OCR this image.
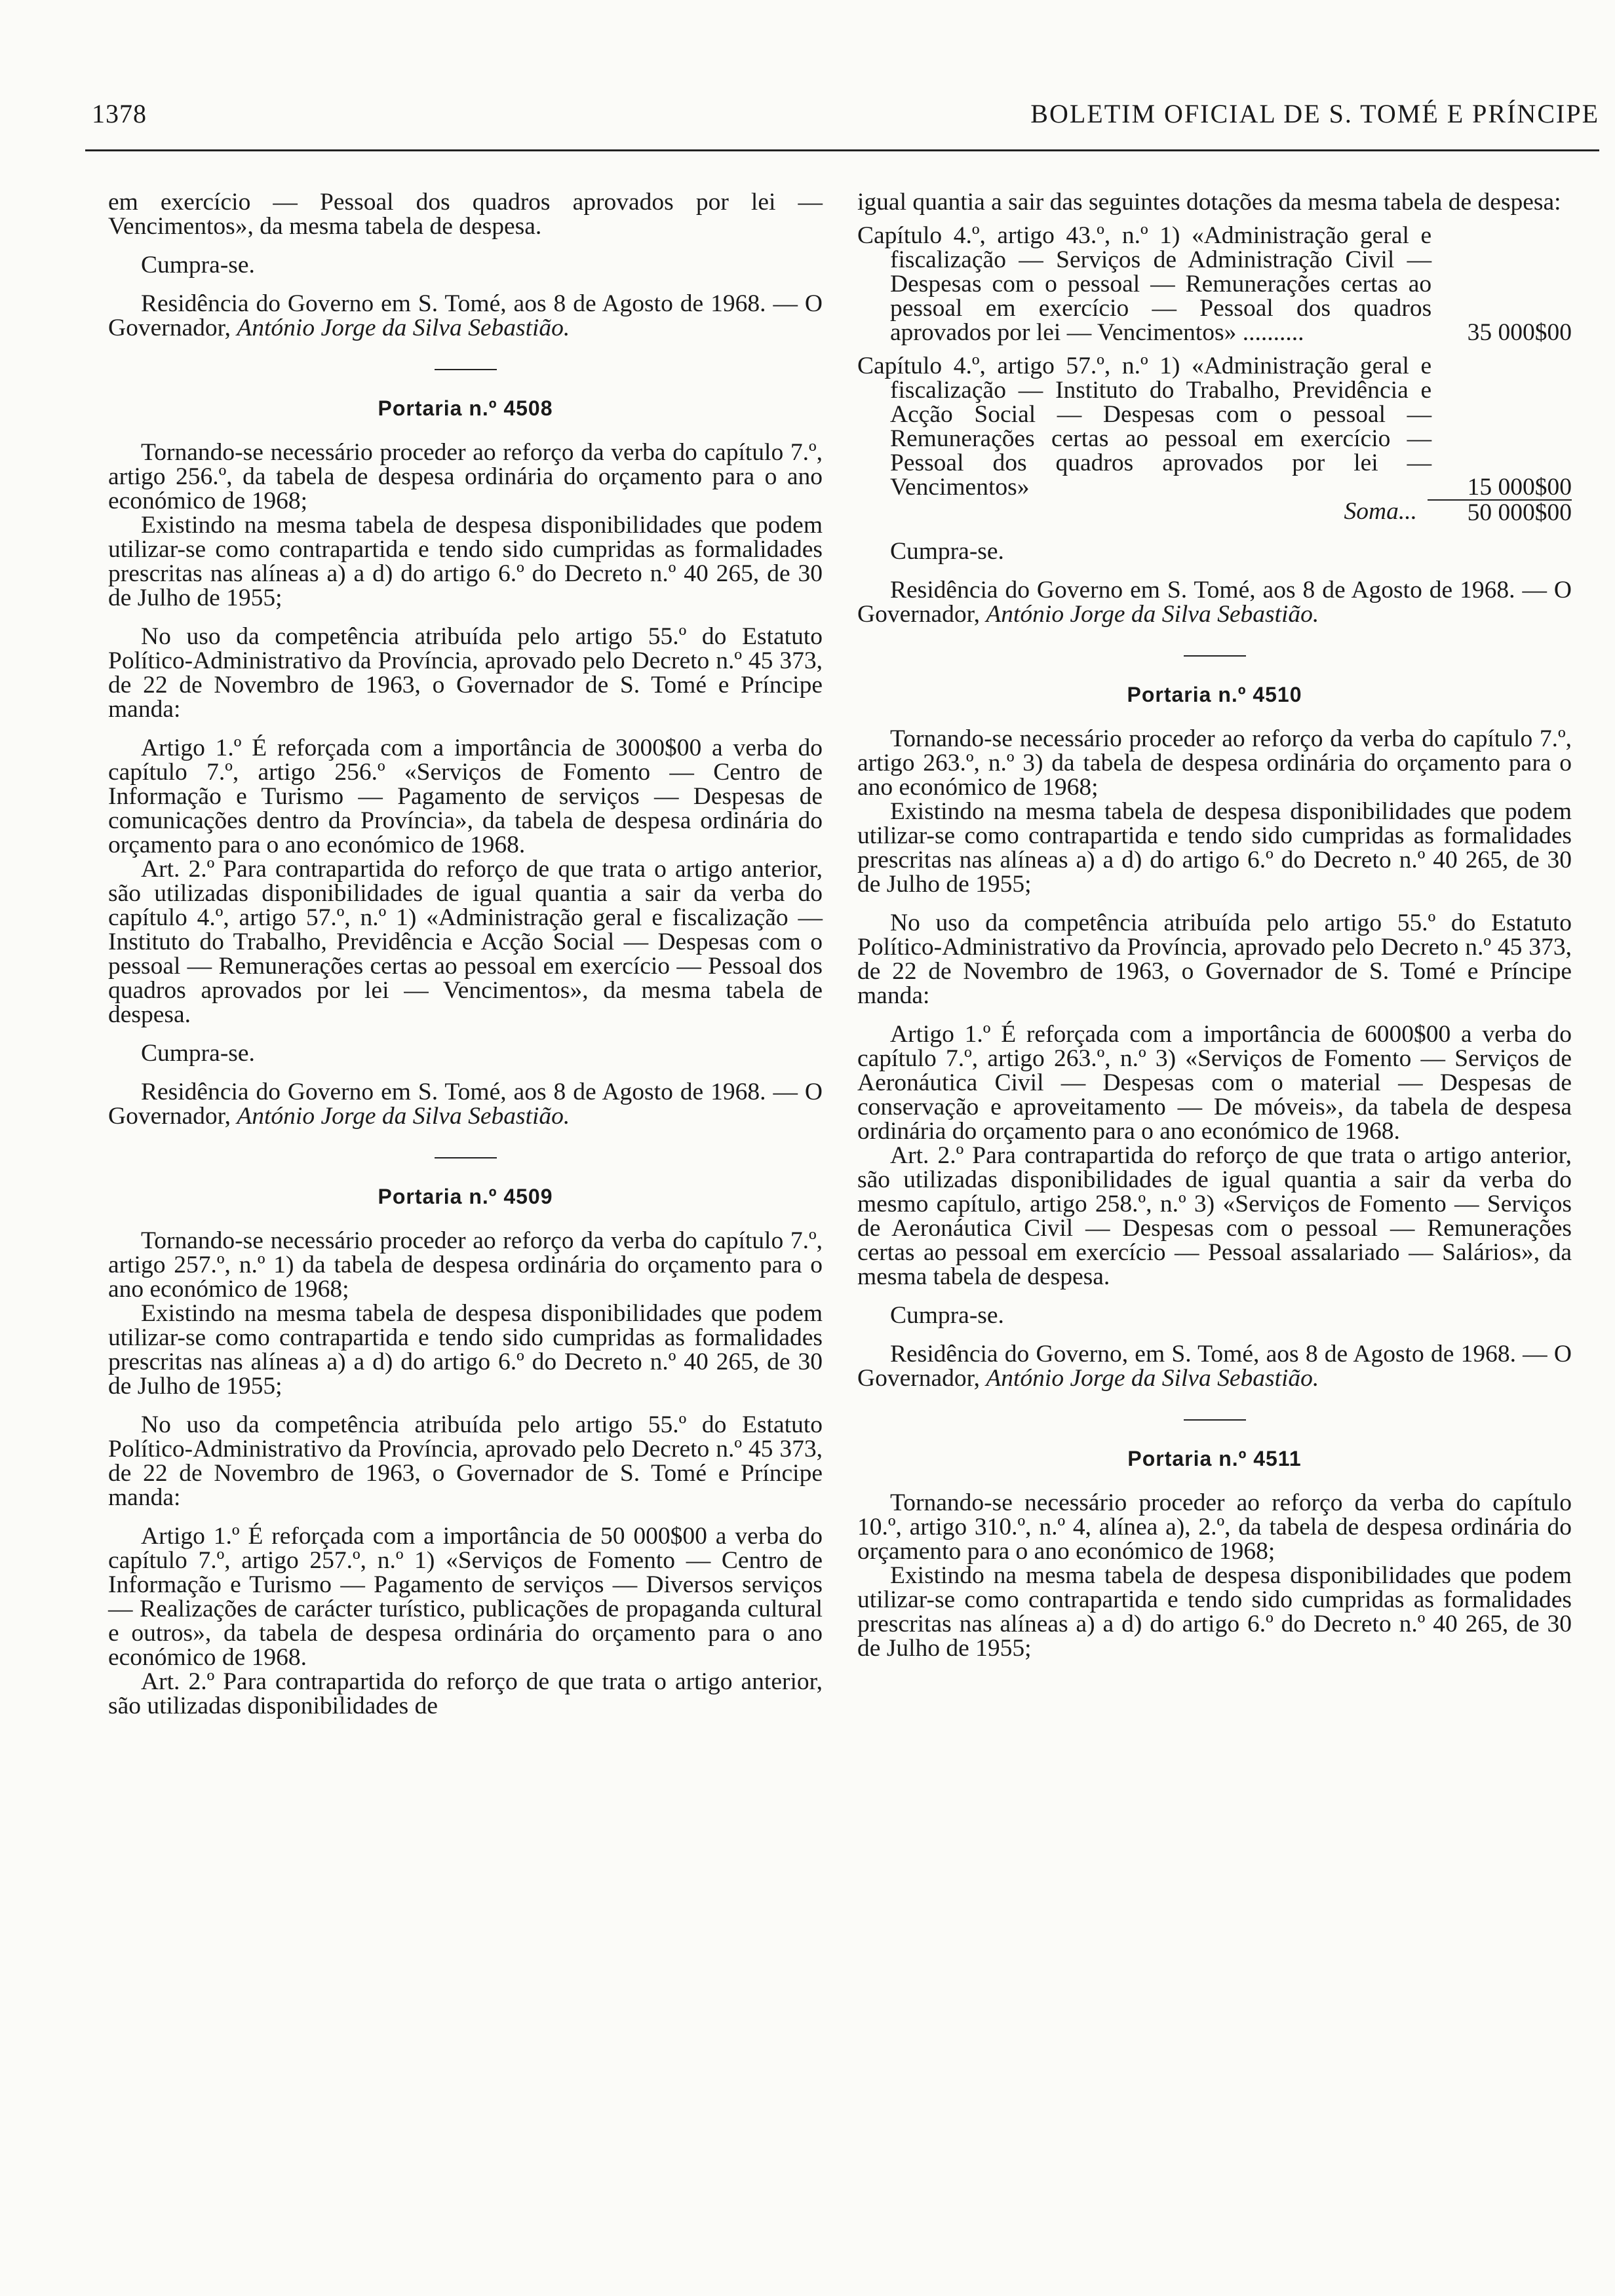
1378	BOLETIM OFICIAL DE S. TOMÉ E PRÍNCIPE

em exercício — Pessoal dos quadros aprovados por lei — Vencimentos», da mesma tabela de despesa.

Cumpra-se.

Residência do Governo em S. Tomé, aos 8 de Agosto de 1968. — O Governador, António Jorge da Silva Sebastião.

Portaria n.º 4508

Tornando-se necessário proceder ao reforço da verba do capítulo 7.º, artigo 256.º, da tabela de despesa ordinária do orçamento para o ano económico de 1968;

Existindo na mesma tabela de despesa disponibilidades que podem utilizar-se como contrapartida e tendo sido cumpridas as formalidades prescritas nas alíneas a) a d) do artigo 6.º do Decreto n.º 40 265, de 30 de Julho de 1955;

No uso da competência atribuída pelo artigo 55.º do Estatuto Político-Administrativo da Província, aprovado pelo Decreto n.º 45 373, de 22 de Novembro de 1963, o Governador de S. Tomé e Príncipe manda:

Artigo 1.º É reforçada com a importância de 3000$00 a verba do capítulo 7.º, artigo 256.º «Serviços de Fomento — Centro de Informação e Turismo — Pagamento de serviços — Despesas de comunicações dentro da Província», da tabela de despesa ordinária do orçamento para o ano económico de 1968.

Art. 2.º Para contrapartida do reforço de que trata o artigo anterior, são utilizadas disponibilidades de igual quantia a sair da verba do capítulo 4.º, artigo 57.º, n.º 1) «Administração geral e fiscalização — Instituto do Trabalho, Previdência e Acção Social — Despesas com o pessoal — Remunerações certas ao pessoal em exercício — Pessoal dos quadros aprovados por lei — Vencimentos», da mesma tabela de despesa.

Cumpra-se.

Residência do Governo em S. Tomé, aos 8 de Agosto de 1968. — O Governador, António Jorge da Silva Sebastião.

Portaria n.º 4509

Tornando-se necessário proceder ao reforço da verba do capítulo 7.º, artigo 257.º, n.º 1) da tabela de despesa ordinária do orçamento para o ano económico de 1968;

Existindo na mesma tabela de despesa disponibilidades que podem utilizar-se como contrapartida e tendo sido cumpridas as formalidades prescritas nas alíneas a) a d) do artigo 6.º do Decreto n.º 40 265, de 30 de Julho de 1955;

No uso da competência atribuída pelo artigo 55.º do Estatuto Político-Administrativo da Província, aprovado pelo Decreto n.º 45 373, de 22 de Novembro de 1963, o Governador de S. Tomé e Príncipe manda:

Artigo 1.º É reforçada com a importância de 50 000$00 a verba do capítulo 7.º, artigo 257.º, n.º 1) «Serviços de Fomento — Centro de Informação e Turismo — Pagamento de serviços — Diversos serviços — Realizações de carácter turístico, publicações de propaganda cultural e outros», da tabela de despesa ordinária do orçamento para o ano económico de 1968.

Art. 2.º Para contrapartida do reforço de que trata o artigo anterior, são utilizadas disponibilidades de

igual quantia a sair das seguintes dotações da mesma tabela de despesa:

Capítulo 4.º, artigo 43.º, n.º 1) «Administração geral e fiscalização — Serviços de Administração Civil — Despesas com o pessoal — Remunerações certas ao pessoal em exercício — Pessoal dos quadros aprovados por lei — Vencimentos» ..........	35 000$00
Capítulo 4.º, artigo 57.º, n.º 1) «Administração geral e fiscalização — Instituto do Trabalho, Previdência e Acção Social — Despesas com o pessoal — Remunerações certas ao pessoal em exercício — Pessoal dos quadros aprovados por lei — Vencimentos»	15 000$00
Soma...	50 000$00

Cumpra-se.

Residência do Governo em S. Tomé, aos 8 de Agosto de 1968. — O Governador, António Jorge da Silva Sebastião.

Portaria n.º 4510

Tornando-se necessário proceder ao reforço da verba do capítulo 7.º, artigo 263.º, n.º 3) da tabela de despesa ordinária do orçamento para o ano económico de 1968;

Existindo na mesma tabela de despesa disponibilidades que podem utilizar-se como contrapartida e tendo sido cumpridas as formalidades prescritas nas alíneas a) a d) do artigo 6.º do Decreto n.º 40 265, de 30 de Julho de 1955;

No uso da competência atribuída pelo artigo 55.º do Estatuto Político-Administrativo da Província, aprovado pelo Decreto n.º 45 373, de 22 de Novembro de 1963, o Governador de S. Tomé e Príncipe manda:

Artigo 1.º É reforçada com a importância de 6000$00 a verba do capítulo 7.º, artigo 263.º, n.º 3) «Serviços de Fomento — Serviços de Aeronáutica Civil — Despesas com o material — Despesas de conservação e aproveitamento — De móveis», da tabela de despesa ordinária do orçamento para o ano económico de 1968.

Art. 2.º Para contrapartida do reforço de que trata o artigo anterior, são utilizadas disponibilidades de igual quantia a sair da verba do mesmo capítulo, artigo 258.º, n.º 3) «Serviços de Fomento — Serviços de Aeronáutica Civil — Despesas com o pessoal — Remunerações certas ao pessoal em exercício — Pessoal assalariado — Salários», da mesma tabela de despesa.

Cumpra-se.

Residência do Governo, em S. Tomé, aos 8 de Agosto de 1968. — O Governador, António Jorge da Silva Sebastião.

Portaria n.º 4511

Tornando-se necessário proceder ao reforço da verba do capítulo 10.º, artigo 310.º, n.º 4, alínea a), 2.º, da tabela de despesa ordinária do orçamento para o ano económico de 1968;

Existindo na mesma tabela de despesa disponibilidades que podem utilizar-se como contrapartida e tendo sido cumpridas as formalidades prescritas nas alíneas a) a d) do artigo 6.º do Decreto n.º 40 265, de 30 de Julho de 1955;
